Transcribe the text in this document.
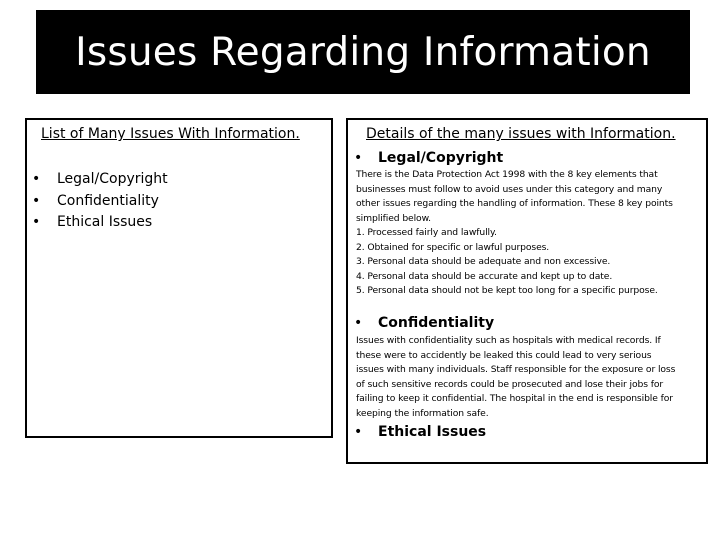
Issues Regarding Information
List of Many Issues With Information.
• Legal/Copyright
• Confidentiality
• Ethical Issues
Details of the many issues with Information.
• Legal/Copyright
There is the Data Protection Act 1998 with the 8 key elements that
businesses must follow to avoid uses under this category and many
other issues regarding the handling of information. These 8 key points
simplified below.
1. Processed fairly and lawfully.
2. Obtained for specific or lawful purposes.
3. Personal data should be adequate and non excessive.
4. Personal data should be accurate and kept up to date.
5. Personal data should not be kept too long for a specific purpose.
• Confidentiality
Issues with confidentiality such as hospitals with medical records. If
these were to accidently be leaked this could lead to very serious
issues with many individuals. Staff responsible for the exposure or loss
of such sensitive records could be prosecuted and lose their jobs for
failing to keep it confidential. The hospital in the end is responsible for
keeping the information safe.
• Ethical Issues
